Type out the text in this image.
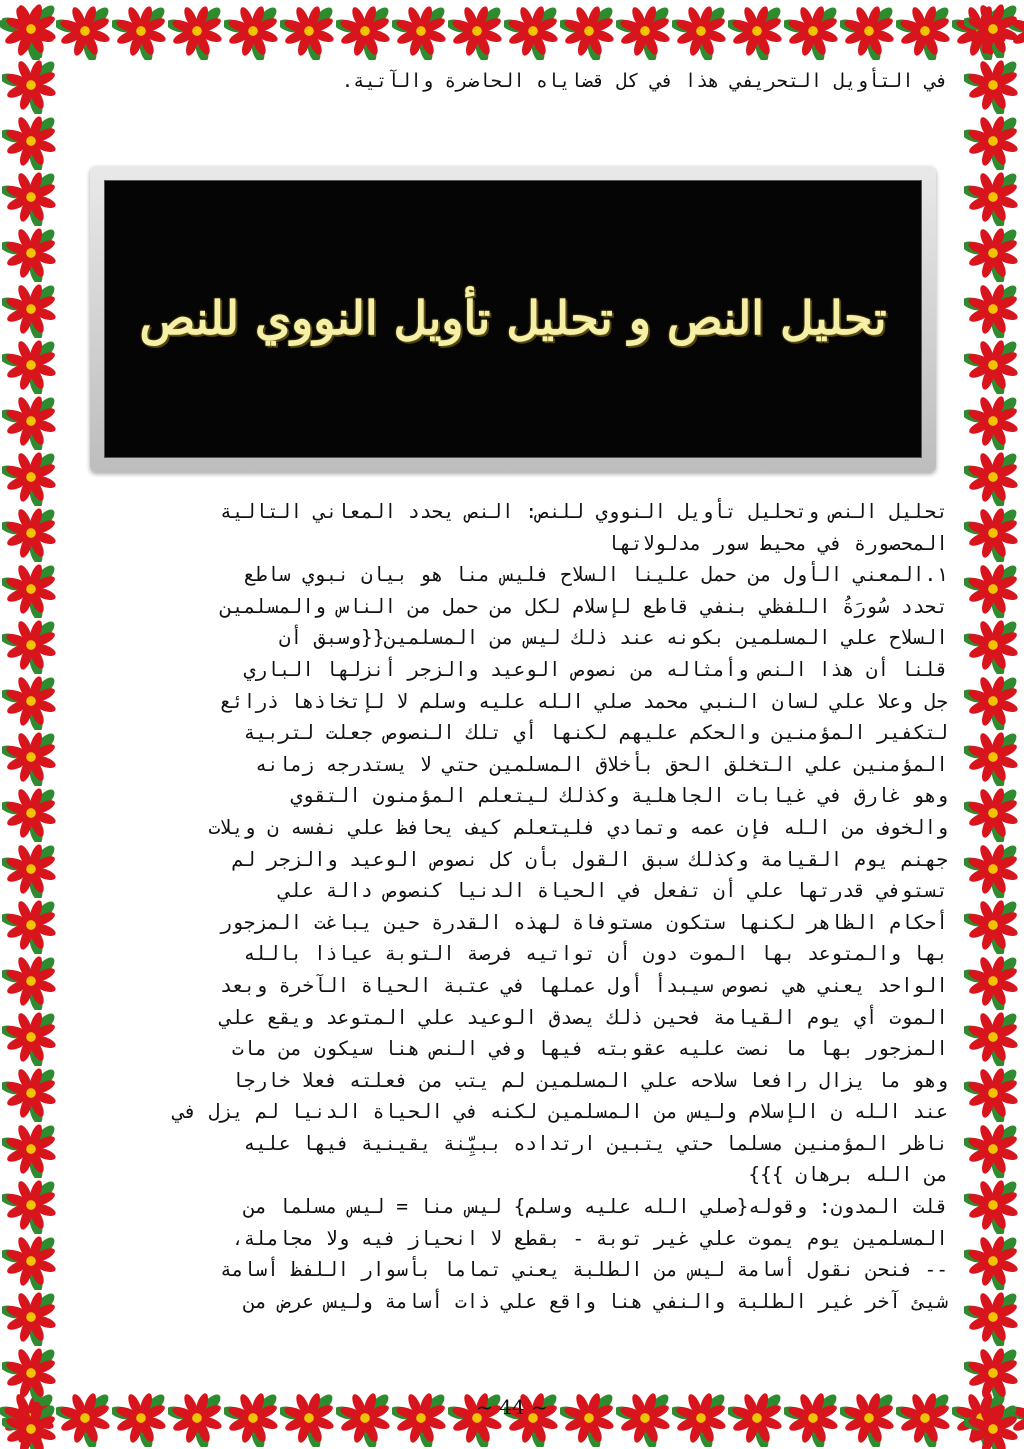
في التأويل التحريفي هذا في كل قضاياه الحاضرة والآتية.
تحليل النص و تحليل تأويل النووي للنص

تحليل النص وتحليل تأويل النووي للنص: النص يحدد المعاني التالية

المحصورة في محيط سور مدلولاتها

١.المعني الأول من حمل علينا السلاح فليس منا هو بيان نبوي ساطع

تحدد سُورَةُ اللفظي بنفي قاطع لإسلام لكل من حمل من الناس والمسلمين

السلاح علي المسلمين بكونه عند ذلك ليس من المسلمين{{وسبق أن

قلنا أن هذا النص وأمثاله من نصوص الوعيد والزجر أنزلها الباري

جل وعلا علي لسان النبي محمد صلي الله عليه وسلم لا لإتخاذها ذرائع

لتكفير المؤمنين والحكم عليهم لكنها أي تلك النصوص جعلت لتربية

المؤمنين علي التخلق الحق بأخلاق المسلمين حتي لا يستدرجه زمانه

وهو غارق في غيابات الجاهلية وكذلك ليتعلم المؤمنون التقوي

والخوف من الله فإن عمه وتمادي فليتعلم كيف يحافظ علي نفسه ن ويلات

جهنم يوم القيامة وكذلك سبق القول بأن كل نصوص الوعيد والزجر لم

تستوفي قدرتها علي أن تفعل في الحياة الدنيا كنصوص دالة علي

أحكام الظاهر لكنها ستكون مستوفاة لهذه القدرة حين يباغت المزجور

بها والمتوعد بها الموت دون أن تواتيه فرصة التوبة عياذا بالله

الواحد يعني هي نصوص سيبدأ أول عملها في عتبة الحياة الآخرة وبعد

الموت أي يوم القيامة فحين ذلك يصدق الوعيد علي المتوعد ويقع علي

المزجور بها ما نصت عليه عقوبته فيها وفي النص هنا سيكون من مات

وهو ما يزال رافعا سلاحه علي المسلمين لم يتب من فعلته فعلا خارجا

عند الله ن الإسلام وليس من المسلمين لكنه في الحياة الدنيا لم يزل في

ناظر المؤمنين مسلما حتي يتبين ارتداده ببيِّنة يقينية فيها عليه

من الله برهان }}}

قلت المدون: وقوله{صلي الله عليه وسلم} ليس منا = ليس مسلما من

المسلمين يوم يموت علي غير توبة - بقطع لا انحياز فيه ولا مجاملة،

-- فنحن نقول أسامة ليس من الطلبة يعني تماما بأسوار اللفظ أسامة

شيئ آخر غير الطلبة والنفي هنا واقع علي ذات أسامة وليس عرض من

~ 44 ~
